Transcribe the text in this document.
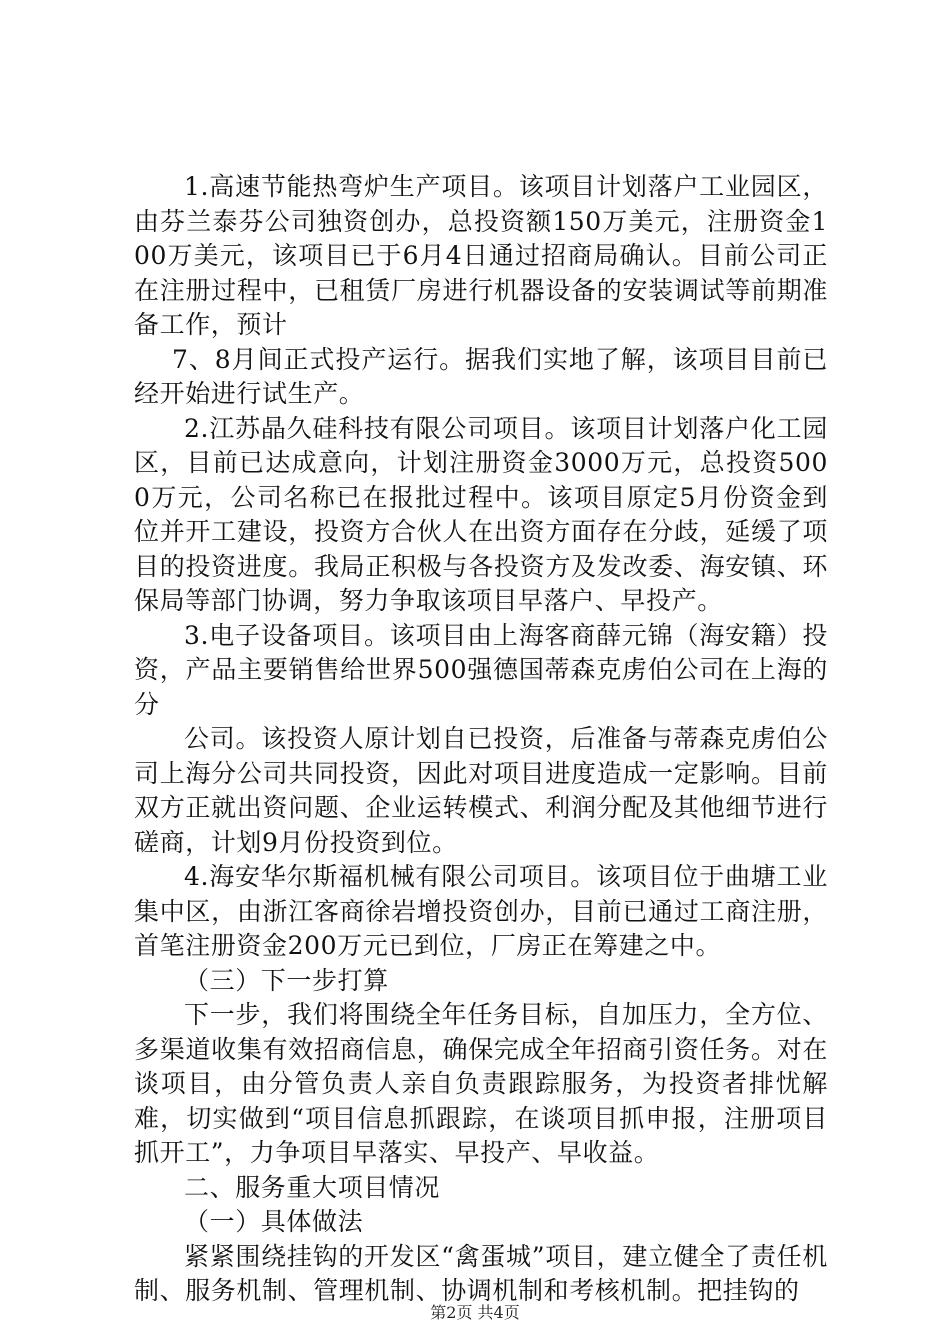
1.高速节能热弯炉生产项目。该项目计划落户工业园区，由芬兰泰芬公司独资创办，总投资额150万美元，注册资金100万美元，该项目已于6月4日通过招商局确认。目前公司正在注册过程中，已租赁厂房进行机器设备的安装调试等前期准备工作，预计

7、8月间正式投产运行。据我们实地了解，该项目目前已经开始进行试生产。

2.江苏晶久硅科技有限公司项目。该项目计划落户化工园区，目前已达成意向，计划注册资金3000万元，总投资5000万元，公司名称已在报批过程中。该项目原定5月份资金到位并开工建设，投资方合伙人在出资方面存在分歧，延缓了项目的投资进度。我局正积极与各投资方及发改委、海安镇、环保局等部门协调，努力争取该项目早落户、早投产。

3.电子设备项目。该项目由上海客商薛元锦（海安籍）投资，产品主要销售给世界500强德国蒂森克虏伯公司在上海的分

公司。该投资人原计划自已投资，后准备与蒂森克虏伯公司上海分公司共同投资，因此对项目进度造成一定影响。目前双方正就出资问题、企业运转模式、利润分配及其他细节进行磋商，计划9月份投资到位。

4.海安华尔斯福机械有限公司项目。该项目位于曲塘工业集中区，由浙江客商徐岩增投资创办，目前已通过工商注册，首笔注册资金200万元已到位，厂房正在筹建之中。

（三）下一步打算

下一步，我们将围绕全年任务目标，自加压力，全方位、多渠道收集有效招商信息，确保完成全年招商引资任务。对在谈项目，由分管负责人亲自负责跟踪服务，为投资者排忧解难，切实做到“项目信息抓跟踪，在谈项目抓申报，注册项目抓开工”，力争项目早落实、早投产、早收益。

二、服务重大项目情况

（一）具体做法

紧紧围绕挂钩的开发区“禽蛋城”项目，建立健全了责任机制、服务机制、管理机制、协调机制和考核机制。把挂钩的

第2页 共4页
